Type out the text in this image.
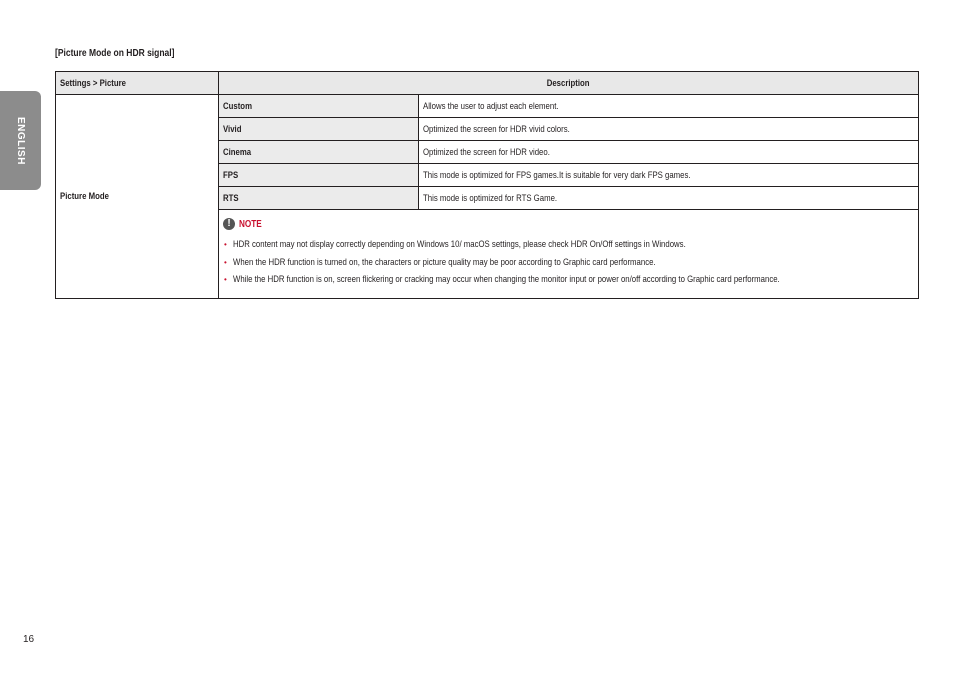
ENGLISH
[Picture Mode on HDR signal]
Settings > Picture	Description	
Picture Mode	Custom	Allows the user to adjust each element.
	Vivid	Optimized the screen for HDR vivid colors.
	Cinema	Optimized the screen for HDR video.
	FPS	This mode is optimized for FPS games.It is suitable for very dark FPS games.
	RTS	This mode is optimized for RTS Game.

! NOTE
• HDR content may not display correctly depending on Windows 10/ macOS settings, please check HDR On/Off settings in Windows.
• When the HDR function is turned on, the characters or picture quality may be poor according to Graphic card performance.
• While the HDR function is on, screen flickering or cracking may occur when changing the monitor input or power on/off according to Graphic card performance.
16
